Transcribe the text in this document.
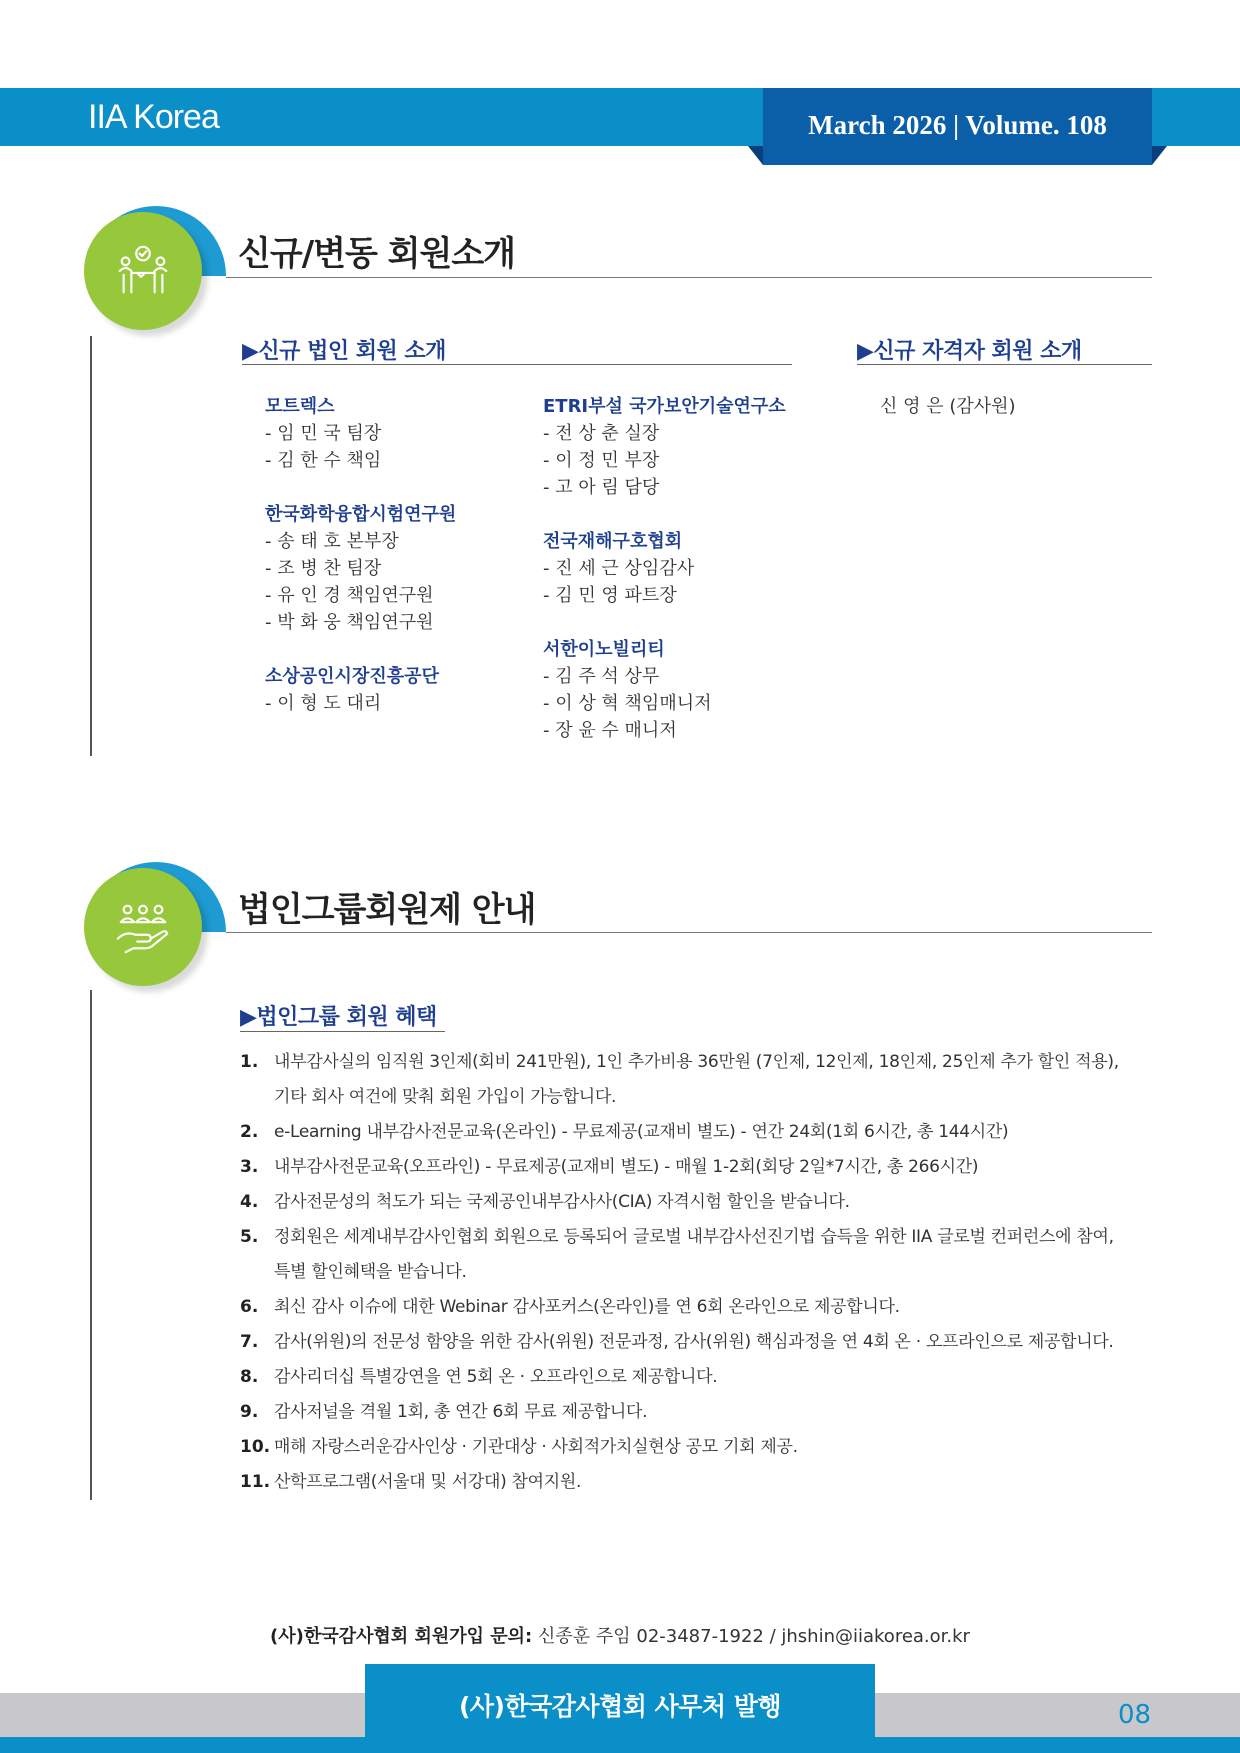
IIA Korea	March 2026 | Volume. 108
신규/변동 회원소개
▶신규 법인 회원 소개	▶신규 자격자 회원 소개
모트렉스
- 임 민 국 팀장
- 김 한 수 책임
한국화학융합시험연구원
- 송 태 호 본부장
- 조 병 찬 팀장
- 유 인 경 책임연구원
- 박 화 웅 책임연구원
소상공인시장진흥공단
- 이 형 도 대리
ETRI부설 국가보안기술연구소
- 전 상 춘 실장
- 이 정 민 부장
- 고 아 림 담당
전국재해구호협회
- 진 세 근 상임감사
- 김 민 영 파트장
서한이노빌리티
- 김 주 석 상무
- 이 상 혁 책임매니저
- 장 윤 수 매니저
신 영 은 (감사원)
법인그룹회원제 안내
▶법인그룹 회원 혜택
1. 내부감사실의 임직원 3인제(회비 241만원), 1인 추가비용 36만원 (7인제, 12인제, 18인제, 25인제 추가 할인 적용),
기타 회사 여건에 맞춰 회원 가입이 가능합니다.
2. e-Learning 내부감사전문교육(온라인) - 무료제공(교재비 별도) - 연간 24회(1회 6시간, 총 144시간)
3. 내부감사전문교육(오프라인) - 무료제공(교재비 별도) - 매월 1-2회(회당 2일*7시간, 총 266시간)
4. 감사전문성의 척도가 되는 국제공인내부감사사(CIA) 자격시험 할인을 받습니다.
5. 정회원은 세계내부감사인협회 회원으로 등록되어 글로벌 내부감사선진기법 습득을 위한 IIA 글로벌 컨퍼런스에 참여,
특별 할인혜택을 받습니다.
6. 최신 감사 이슈에 대한 Webinar 감사포커스(온라인)를 연 6회 온라인으로 제공합니다.
7. 감사(위원)의 전문성 함양을 위한 감사(위원) 전문과정, 감사(위원) 핵심과정을 연 4회 온 · 오프라인으로 제공합니다.
8. 감사리더십 특별강연을 연 5회 온 · 오프라인으로 제공합니다.
9. 감사저널을 격월 1회, 총 연간 6회 무료 제공합니다.
10. 매해 자랑스러운감사인상 · 기관대상 · 사회적가치실현상 공모 기회 제공.
11. 산학프로그램(서울대 및 서강대) 참여지원.
(사)한국감사협회 회원가입 문의: 신종훈 주임 02-3487-1922 / jhshin@iiakorea.or.kr
(사)한국감사협회 사무처 발행	08
